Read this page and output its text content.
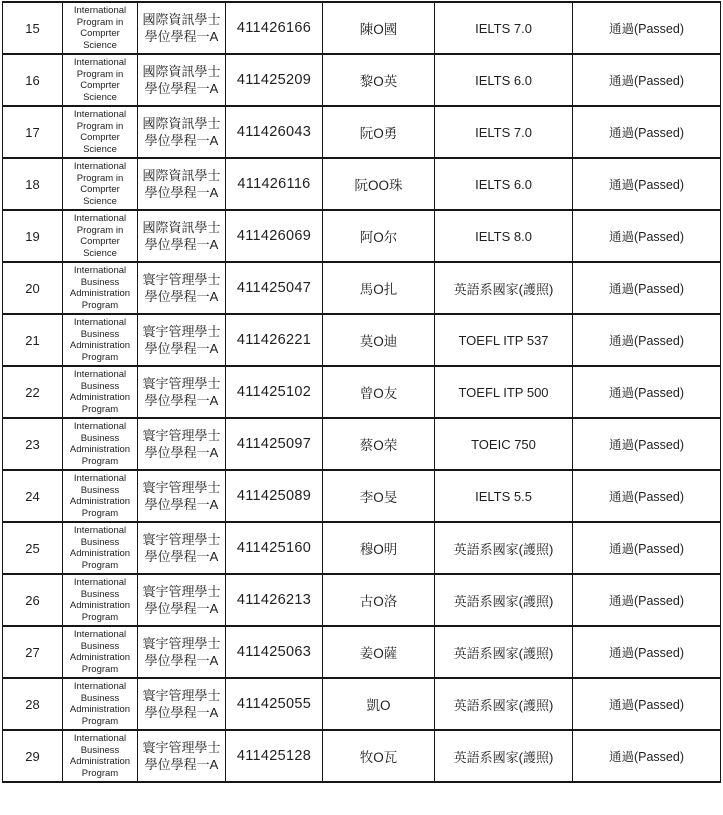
15	International Program in Comprter Science	國際資訊學士學位學程一A	411426166	陳O國	IELTS 7.0	通過(Passed)
16	International Program in Comprter Science	國際資訊學士學位學程一A	411425209	黎O英	IELTS 6.0	通過(Passed)
17	International Program in Comprter Science	國際資訊學士學位學程一A	411426043	阮O勇	IELTS 7.0	通過(Passed)
18	International Program in Comprter Science	國際資訊學士學位學程一A	411426116	阮OO珠	IELTS 6.0	通過(Passed)
19	International Program in Comprter Science	國際資訊學士學位學程一A	411426069	阿O尔	IELTS 8.0	通過(Passed)
20	International Business Administration Program	寰宇管理學士學位學程一A	411425047	馬O扎	英語系國家(護照)	通過(Passed)
21	International Business Administration Program	寰宇管理學士學位學程一A	411426221	莫O迪	TOEFL ITP 537	通過(Passed)
22	International Business Administration Program	寰宇管理學士學位學程一A	411425102	曾O友	TOEFL ITP 500	通過(Passed)
23	International Business Administration Program	寰宇管理學士學位學程一A	411425097	蔡O荣	TOEIC 750	通過(Passed)
24	International Business Administration Program	寰宇管理學士學位學程一A	411425089	李O旻	IELTS 5.5	通過(Passed)
25	International Business Administration Program	寰宇管理學士學位學程一A	411425160	穆O明	英語系國家(護照)	通過(Passed)
26	International Business Administration Program	寰宇管理學士學位學程一A	411426213	古O洛	英語系國家(護照)	通過(Passed)
27	International Business Administration Program	寰宇管理學士學位學程一A	411425063	姜O薩	英語系國家(護照)	通過(Passed)
28	International Business Administration Program	寰宇管理學士學位學程一A	411425055	凱O	英語系國家(護照)	通過(Passed)
29	International Business Administration Program	寰宇管理學士學位學程一A	411425128	牧O瓦	英語系國家(護照)	通過(Passed)
